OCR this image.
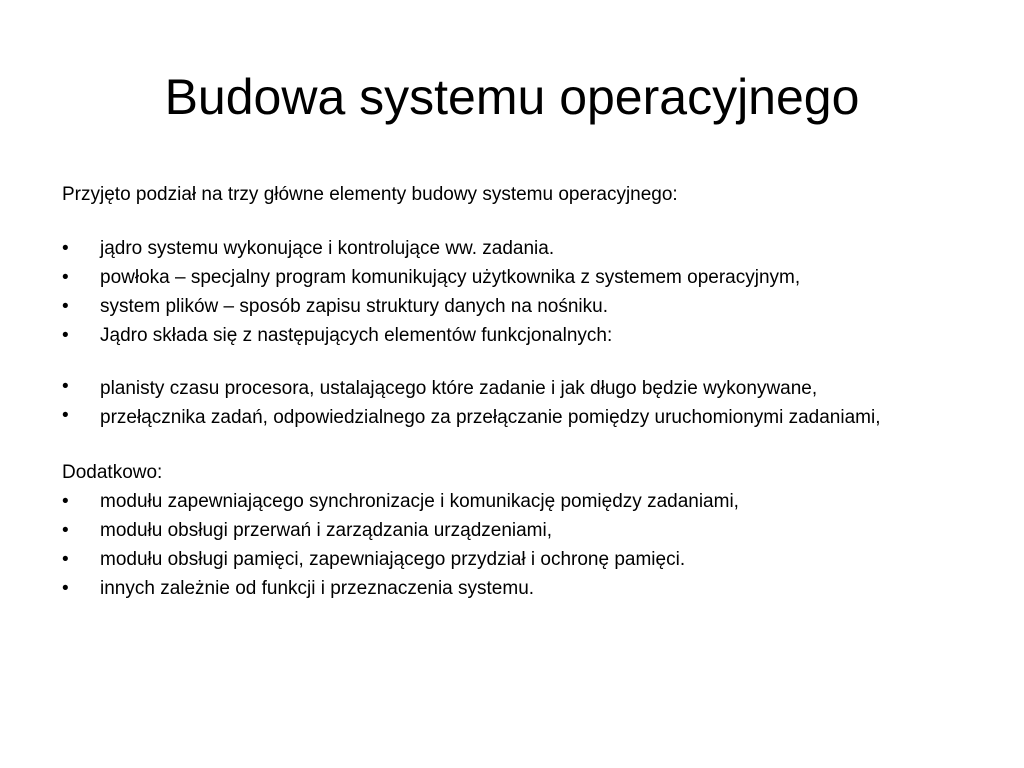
Budowa systemu operacyjnego

Przyjęto podział na trzy główne elementy budowy systemu operacyjnego:

• jądro systemu wykonujące i kontrolujące ww. zadania.
• powłoka – specjalny program komunikujący użytkownika z systemem operacyjnym,
• system plików – sposób zapisu struktury danych na nośniku.
• Jądro składa się z następujących elementów funkcjonalnych:
• planisty czasu procesora, ustalającego które zadanie i jak długo będzie wykonywane,
• przełącznika zadań, odpowiedzialnego za przełączanie pomiędzy uruchomionymi zadaniami,

Dodatkowo:

• modułu zapewniającego synchronizacje i komunikację pomiędzy zadaniami,
• modułu obsługi przerwań i zarządzania urządzeniami,
• modułu obsługi pamięci, zapewniającego przydział i ochronę pamięci.
• innych zależnie od funkcji i przeznaczenia systemu.
